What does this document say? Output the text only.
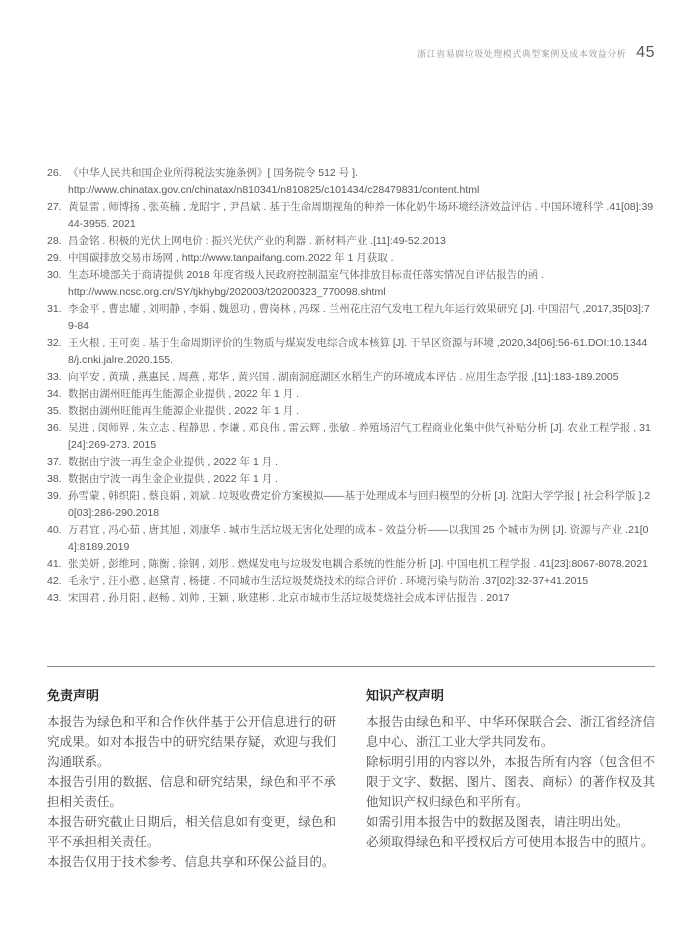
浙江省易腐垃圾处理模式典型案例及成本效益分析 45
26. 《中华人民共和国企业所得税法实施条例》[ 国务院令 512 号 ].
http://www.chinatax.gov.cn/chinatax/n810341/n810825/c101434/c28479831/content.html
27. 黄显雷 , 师博扬 , 张英楠 , 龙昭宇 , 尹昌斌 . 基于生命周期视角的种养一体化奶牛场环境经济效益评估 . 中国环境科学 .41[08]:3944-3955. 2021
28. 昌金铭 . 积极的光伏上网电价 : 振兴光伏产业的利器 . 新材料产业 .[11]:49-52.2013
29. 中国碳排放交易市场网 , http://www.tanpaifang.com.2022 年 1 月获取 .
30. 生态环境部关于商请提供 2018 年度省级人民政府控制温室气体排放目标责任落实情况自评估报告的函 .
http://www.ncsc.org.cn/SY/tjkhybg/202003/t20200323_770098.shtml
31. 李金平 , 曹忠耀 , 刘明静 , 李娟 , 魏恩功 , 曹岗林 , 冯琛 . 兰州花庄沼气发电工程九年运行效果研究 [J]. 中国沼气 ,2017,35[03]:79-84
32. 王火根 , 王可奕 . 基于生命周期评价的生物质与煤炭发电综合成本核算 [J]. 干旱区资源与环境 ,2020,34[06]:56-61.DOI:10.13448/j.cnki.jalre.2020.155.
33. 向平安 , 黄璜 , 燕惠民 , 周燕 , 郑华 , 黄兴国 . 湖南洞庭湖区水稻生产的环境成本评估 . 应用生态学报 ,[11]:183-189.2005
34. 数据由湖州旺能再生能源企业提供 , 2022 年 1 月 .
35. 数据由湖州旺能再生能源企业提供 , 2022 年 1 月 .
36. 吴进 , 闵师界 , 朱立志 , 程静思 , 李谦 , 邓良伟 , 雷云辉 , 张敏 . 养殖场沼气工程商业化集中供气补贴分析 [J]. 农业工程学报 , 31[24]:269-273. 2015
37. 数据由宁波一再生金企业提供 , 2022 年 1 月 .
38. 数据由宁波一再生金企业提供 , 2022 年 1 月 .
39. 孙雪蒙 , 韩织阳 , 蔡良娟 , 刘斌 . 垃圾收费定价方案模拟——基于处理成本与回归模型的分析 [J]. 沈阳大学学报 [ 社会科学版 ].20[03]:286-290.2018
40. 万君宜 , 冯心茹 , 唐其旭 , 刘康华 . 城市生活垃圾无害化处理的成本 - 效益分析——以我国 25 个城市为例 [J]. 资源与产业 .21[04]:8189.2019
41. 张美妍 , 彭维珂 , 陈衡 , 徐钢 , 刘彤 . 燃煤发电与垃圾发电耦合系统的性能分析 [J]. 中国电机工程学报 . 41[23]:8067-8078.2021
42. 毛永宁 , 汪小憨 , 赵黛青 , 杨捷 . 不同城市生活垃圾焚烧技术的综合评价 . 环境污染与防治 .37[02]:32-37+41.2015
43. 宋国君 , 孙月阳 , 赵畅 , 刘帅 , 王颖 , 耿建彬 . 北京市城市生活垃圾焚烧社会成本评估报告 . 2017
免责声明

本报告为绿色和平和合作伙伴基于公开信息进行的研究成果。如对本报告中的研究结果存疑，欢迎与我们沟通联系。

本报告引用的数据、信息和研究结果，绿色和平不承担相关责任。

本报告研究截止日期后，相关信息如有变更，绿色和平不承担相关责任。

本报告仅用于技术参考、信息共享和环保公益目的。

知识产权声明

本报告由绿色和平、中华环保联合会、浙江省经济信息中心、浙江工业大学共同发布。

除标明引用的内容以外，本报告所有内容（包含但不限于文字、数据、图片、图表、商标）的著作权及其他知识产权归绿色和平所有。

如需引用本报告中的数据及图表，请注明出处。

必须取得绿色和平授权后方可使用本报告中的照片。
